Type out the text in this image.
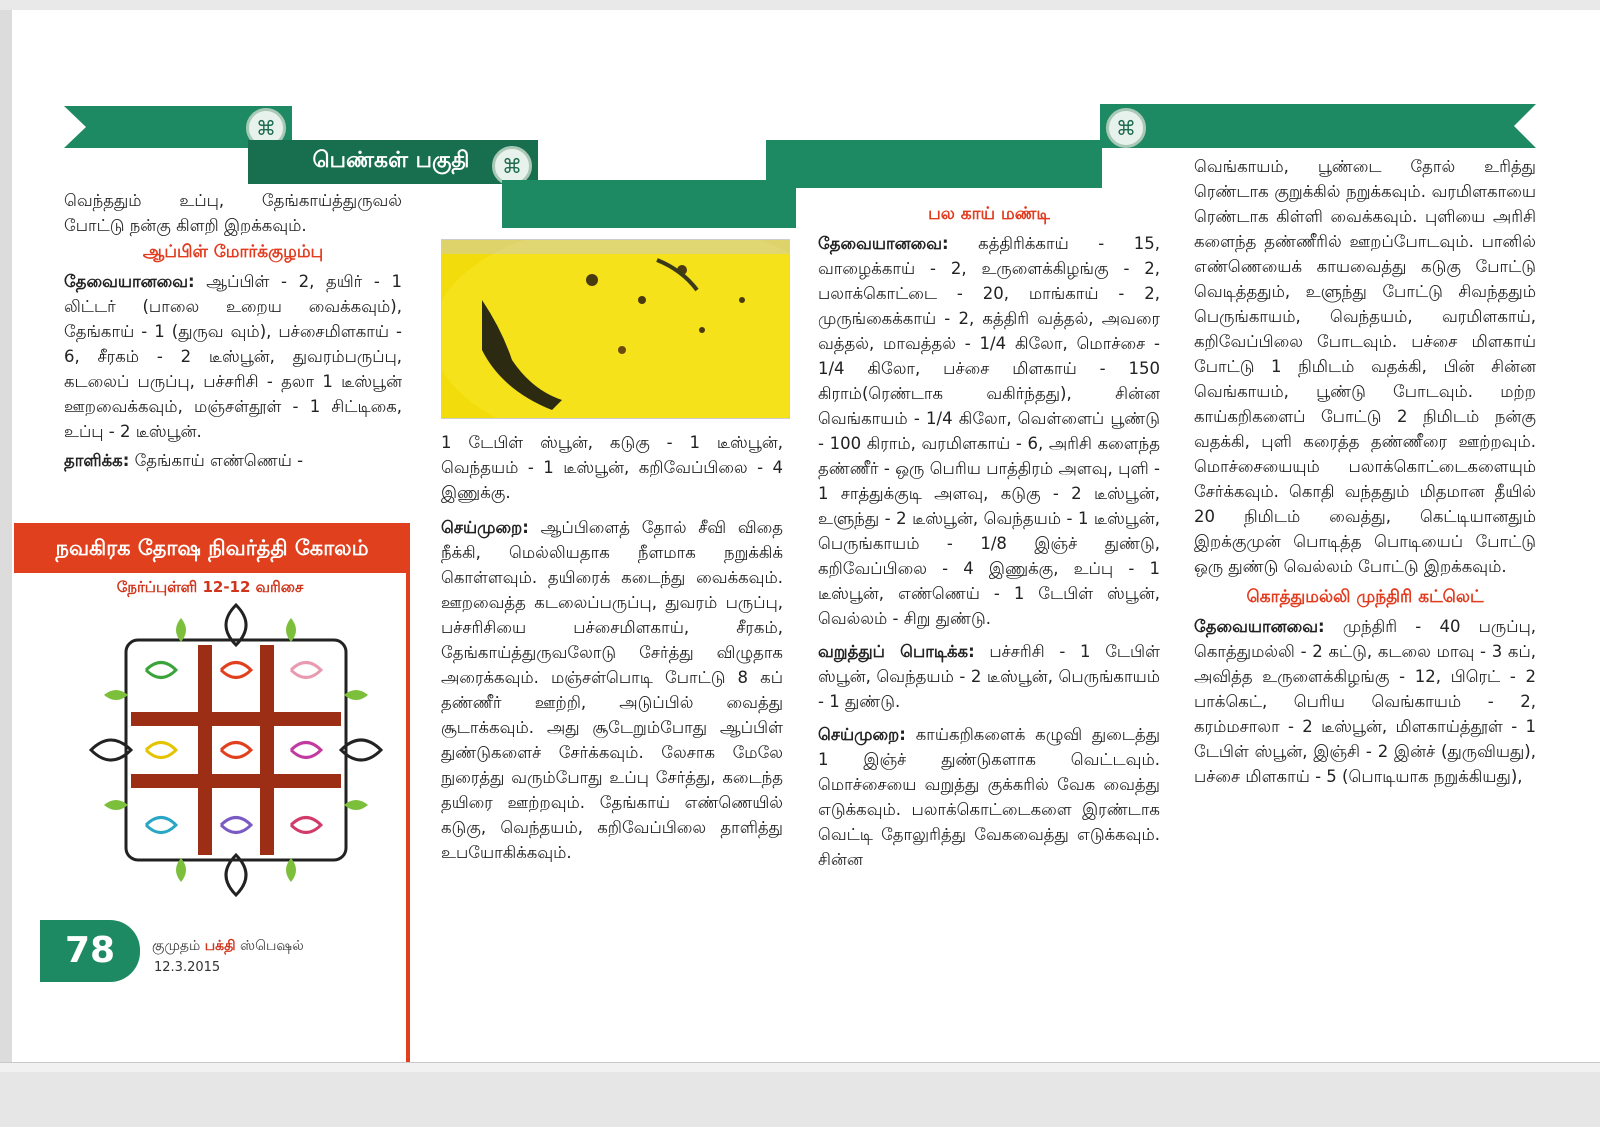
⌘
பெண்கள் பகுதி	⌘
⌘

வெந்ததும் உப்பு, தேங்காய்த்துருவல் போட்டு நன்கு கிளறி இறக்கவும்.

ஆப்பிள் மோர்க்குழம்பு

தேவையானவை: ஆப்பிள் - 2, தயிர் - 1 லிட்டர் (பாலை உறைய வைக்கவும்), தேங்காய் - 1 (துருவ வும்), பச்சைமிளகாய் - 6, சீரகம் - 2 டீஸ்பூன், துவரம்பருப்பு, கடலைப் பருப்பு, பச்சரிசி - தலா 1 டீஸ்பூன் ஊறவைக்கவும், மஞ்சள்தூள் - 1 சிட்டிகை, உப்பு - 2 டீஸ்பூன்.

தாளிக்க: தேங்காய் எண்ணெய் -

நவகிரக தோஷ நிவர்த்தி கோலம்
நேர்ப்புள்ளி 12-12 வரிசை
78	குமுதம் பக்தி ஸ்பெஷல்
12.3.2015

1 டேபிள் ஸ்பூன், கடுகு - 1 டீஸ்பூன், வெந்தயம் - 1 டீஸ்பூன், கறிவேப்பிலை - 4 இணுக்கு.

செய்முறை: ஆப்பிளைத் தோல் சீவி விதை நீக்கி, மெல்லியதாக நீளமாக நறுக்கிக் கொள்ளவும். தயிரைக் கடைந்து வைக்கவும். ஊறவைத்த கடலைப்பருப்பு, துவரம் பருப்பு, பச்சரிசியை பச்சைமிளகாய், சீரகம், தேங்காய்த்துருவலோடு சேர்த்து விழுதாக அரைக்கவும். மஞ்சள்பொடி போட்டு 8 கப் தண்ணீர் ஊற்றி, அடுப்பில் வைத்து சூடாக்கவும். அது சூடேறும்போது ஆப்பிள் துண்டுகளைச் சேர்க்கவும். லேசாக மேலே நுரைத்து வரும்போது உப்பு சேர்த்து, கடைந்த தயிரை ஊற்றவும். தேங்காய் எண்ணெயில் கடுகு, வெந்தயம், கறிவேப்பிலை தாளித்து உபயோகிக்கவும்.

பல காய் மண்டி

தேவையானவை: கத்திரிக்காய் - 15, வாழைக்காய் - 2, உருளைக்கிழங்கு - 2, பலாக்கொட்டை - 20, மாங்காய் - 2, முருங்கைக்காய் - 2, கத்திரி வத்தல், அவரை வத்தல், மாவத்தல் - 1/4 கிலோ, மொச்சை - 1/4 கிலோ, பச்சை மிளகாய் - 150 கிராம்(ரெண்டாக வகிர்ந்தது), சின்ன வெங்காயம் - 1/4 கிலோ, வெள்ளைப் பூண்டு - 100 கிராம், வரமிளகாய் - 6, அரிசி களைந்த தண்ணீர் - ஒரு பெரிய பாத்திரம் அளவு, புளி - 1 சாத்துக்குடி அளவு, கடுகு - 2 டீஸ்பூன், உளுந்து - 2 டீஸ்பூன், வெந்தயம் - 1 டீஸ்பூன், பெருங்காயம் - 1/8 இஞ்ச் துண்டு, கறிவேப்பிலை - 4 இணுக்கு, உப்பு - 1 டீஸ்பூன், எண்ணெய் - 1 டேபிள் ஸ்பூன், வெல்லம் - சிறு துண்டு.

வறுத்துப் பொடிக்க: பச்சரிசி - 1 டேபிள் ஸ்பூன், வெந்தயம் - 2 டீஸ்பூன், பெருங்காயம் - 1 துண்டு.

செய்முறை: காய்கறிகளைக் கழுவி துடைத்து 1 இஞ்ச் துண்டுகளாக வெட்டவும். மொச்சையை வறுத்து குக்கரில் வேக வைத்து எடுக்கவும். பலாக்கொட்டைகளை இரண்டாக வெட்டி தோலுரித்து வேகவைத்து எடுக்கவும். சின்ன

வெங்காயம், பூண்டை தோல் உரித்து ரெண்டாக குறுக்கில் நறுக்கவும். வரமிளகாயை ரெண்டாக கிள்ளி வைக்கவும். புளியை அரிசி களைந்த தண்ணீரில் ஊறப்போடவும். பானில் எண்ணெயைக் காயவைத்து கடுகு போட்டு வெடித்ததும், உளுந்து போட்டு சிவந்ததும் பெருங்காயம், வெந்தயம், வரமிளகாய், கறிவேப்பிலை போடவும். பச்சை மிளகாய் போட்டு 1 நிமிடம் வதக்கி, பின் சின்ன வெங்காயம், பூண்டு போடவும். மற்ற காய்கறிகளைப் போட்டு 2 நிமிடம் நன்கு வதக்கி, புளி கரைத்த தண்ணீரை ஊற்றவும். மொச்சையையும் பலாக்கொட்டைகளையும் சேர்க்கவும். கொதி வந்ததும் மிதமான தீயில் 20 நிமிடம் வைத்து, கெட்டியானதும் இறக்குமுன் பொடித்த பொடியைப் போட்டு ஒரு துண்டு வெல்லம் போட்டு இறக்கவும்.

கொத்துமல்லி முந்திரி கட்லெட்

தேவையானவை: முந்திரி - 40 பருப்பு, கொத்துமல்லி - 2 கட்டு, கடலை மாவு - 3 கப், அவித்த உருளைக்கிழங்கு - 12, பிரெட் - 2 பாக்கெட், பெரிய வெங்காயம் - 2, கரம்மசாலா - 2 டீஸ்பூன், மிளகாய்த்தூள் - 1 டேபிள் ஸ்பூன், இஞ்சி - 2 இன்ச் (துருவியது), பச்சை மிளகாய் - 5 (பொடியாக நறுக்கியது),
